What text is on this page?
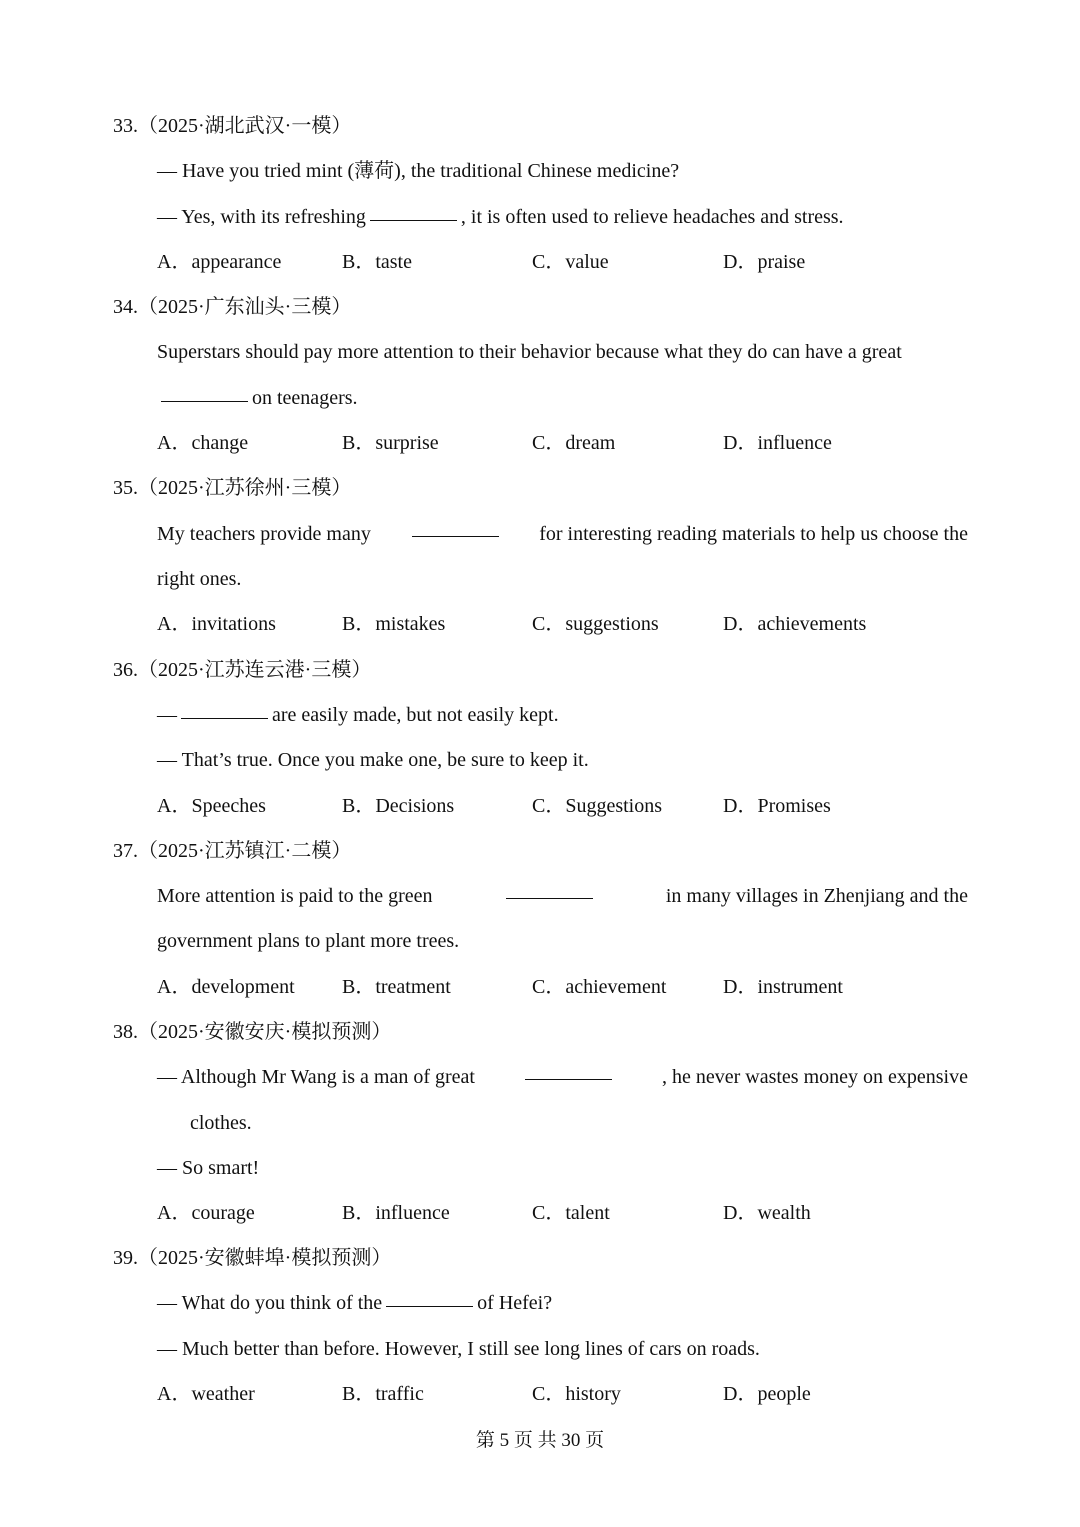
33.（2025·湖北武汉·一模）
— Have you tried mint (薄荷), the traditional Chinese medicine?
— Yes, with its refreshing	, it is often used to relieve headaches and stress.
A．appearance	B．taste	C．value	D．praise
34.（2025·广东汕头·三模）
Superstars should pay more attention to their behavior because what they do can have a great
on teenagers.
A．change	B．surprise	C．dream	D．influence
35.（2025·江苏徐州·三模）
My teachers provide many	for interesting reading materials to help us choose the
right ones.
A．invitations	B．mistakes	C．suggestions	D．achievements
36.（2025·江苏连云港·三模）
—	are easily made, but not easily kept.
— That’s true. Once you make one, be sure to keep it.
A．Speeches	B．Decisions	C．Suggestions	D．Promises
37.（2025·江苏镇江·二模）
More attention is paid to the green	in many villages in Zhenjiang and the
government plans to plant more trees.
A．development B．treatment	C．achievement	D．instrument
38.（2025·安徽安庆·模拟预测）
— Although Mr Wang is a man of great	, he never wastes money on expensive
clothes.
— So smart!
A．courage	B．influence	C．talent	D．wealth
39.（2025·安徽蚌埠·模拟预测）
— What do you think of the	of Hefei?
— Much better than before. However, I still see long lines of cars on roads.
A．weather	B．traffic	C．history	D．people
第 5 页 共 30 页
